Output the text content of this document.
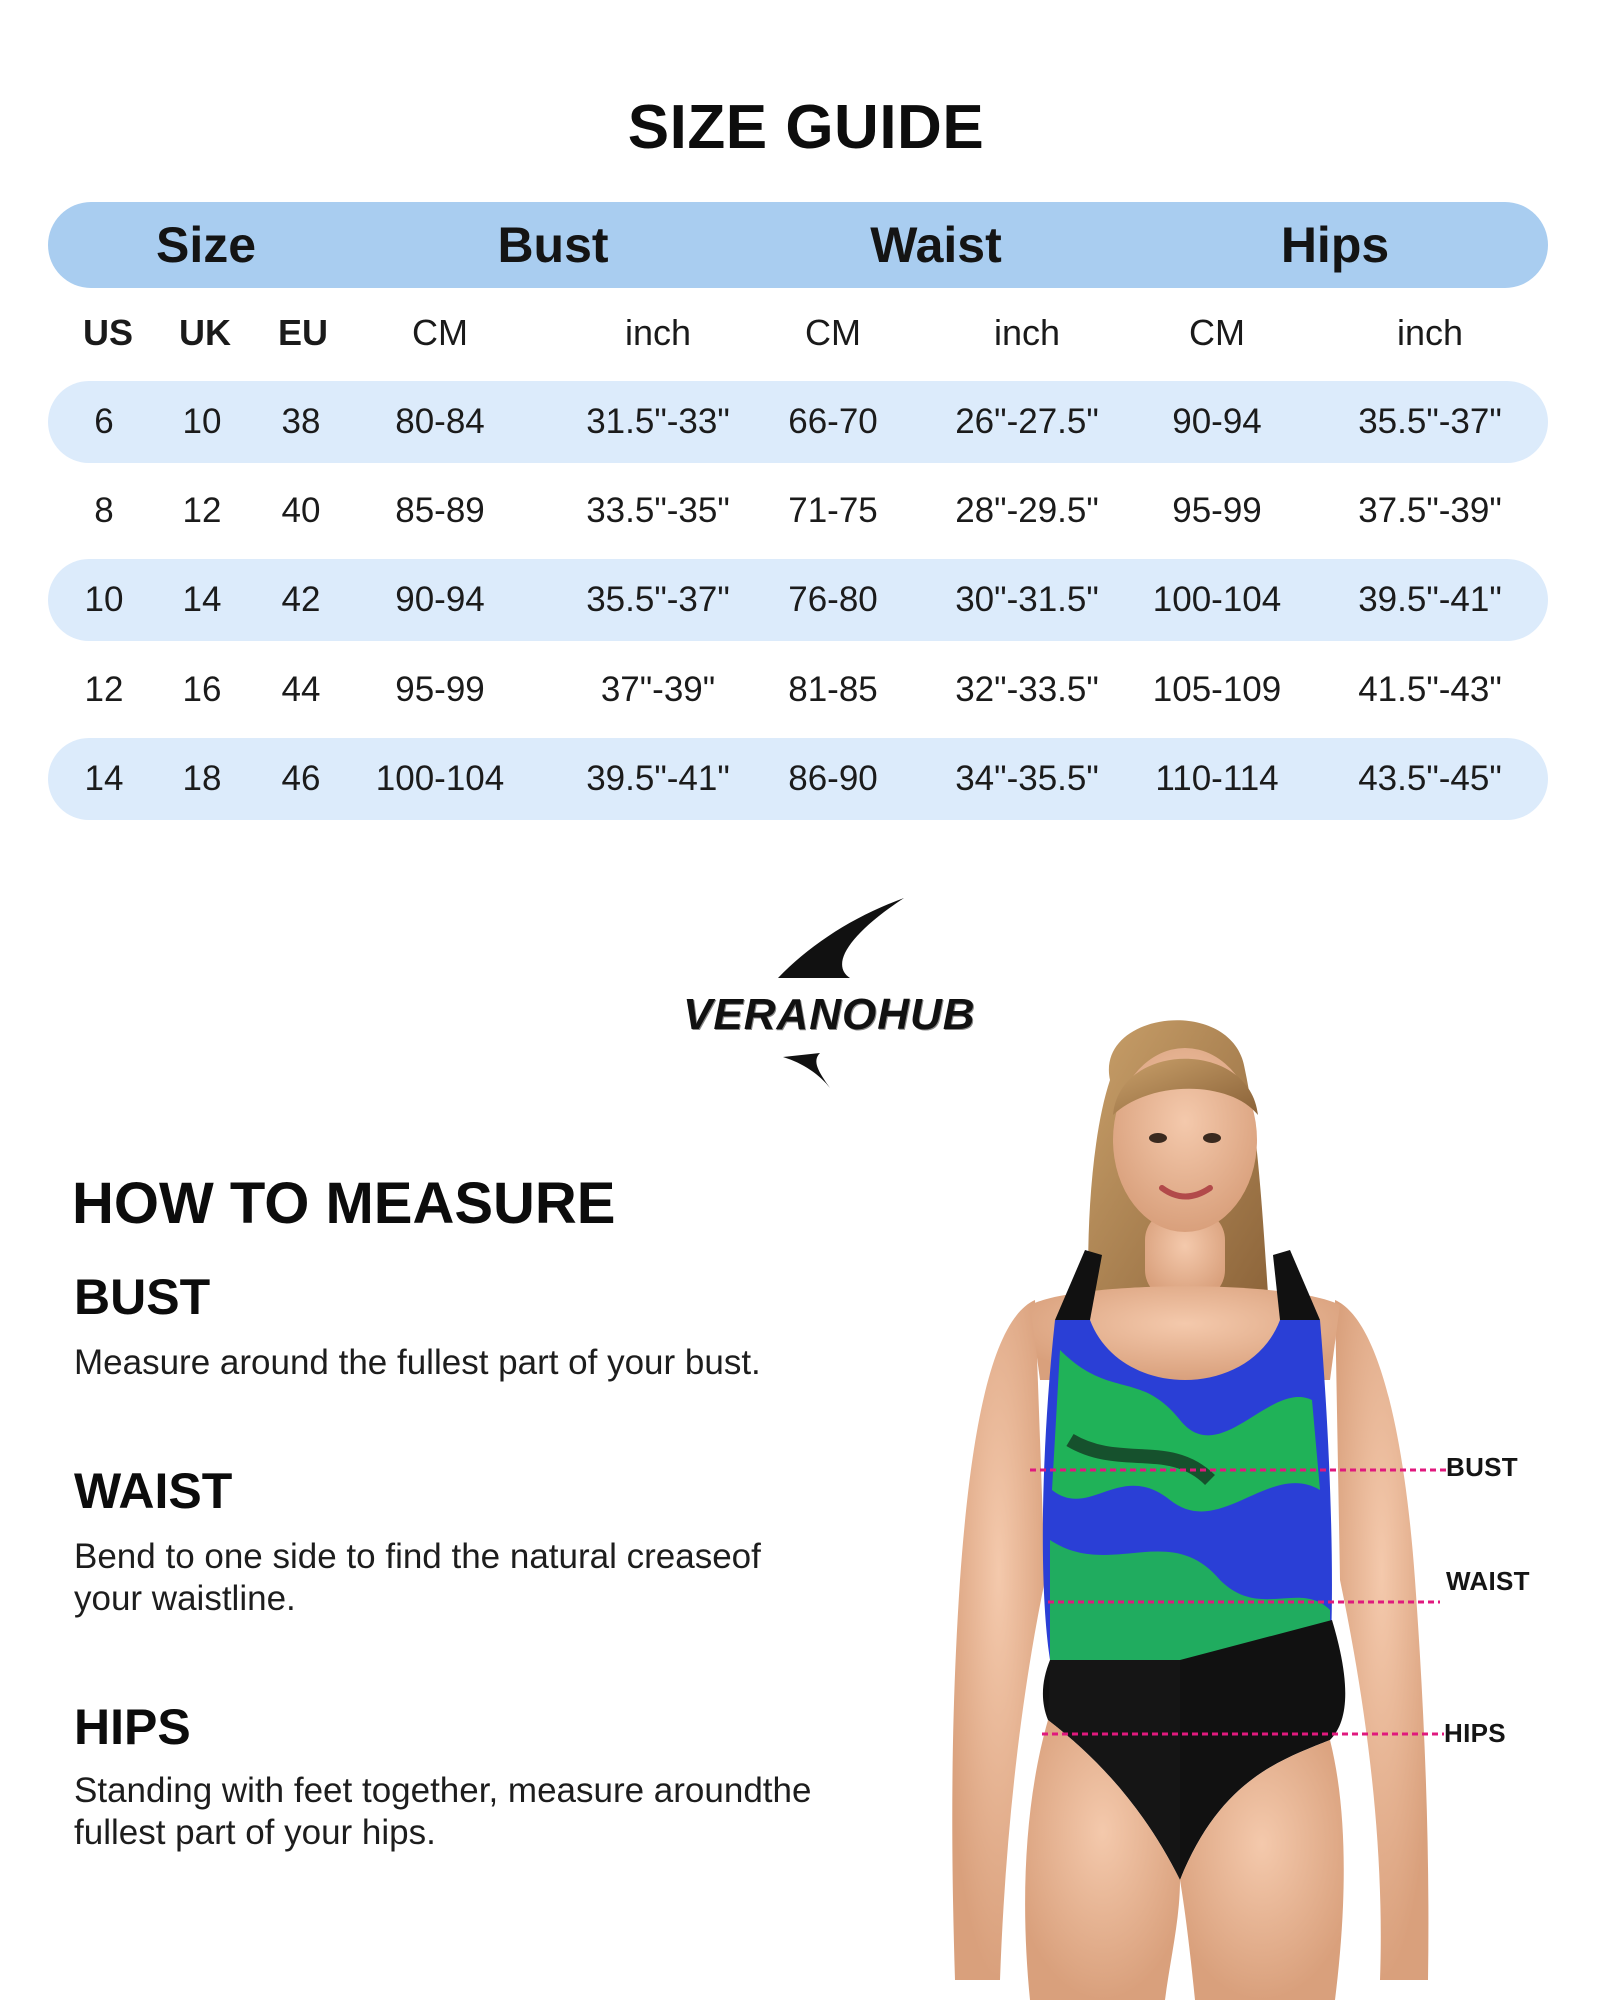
SIZE GUIDE
Size	Bust	Waist	Hips
US UK EU CM	inch	CM	inch	CM	inch
6 10 38 80-84	31.5"-33" 66-70 26"-27.5" 90-94	35.5"-37"
8 12 40 85-89	33.5"-35" 71-75 28"-29.5" 95-99	37.5"-39"
10 14 42 90-94	35.5"-37" 76-80 30"-31.5" 100-104 39.5"-41"
12 16 44 95-99	37"-39" 81-85 32"-33.5" 105-109 41.5"-43"
14 18 46 100-104 39.5"-41" 86-90 34"-35.5" 110-114 43.5"-45"
VERANOHUB
HOW TO MEASURE
BUST
Measure around the fullest part of your bust.
WAIST
Bend to one side to find the natural creaseof your waistline.
HIPS
Standing with feet together, measure aroundthe fullest part of your hips.
BUST
WAIST
HIPS
